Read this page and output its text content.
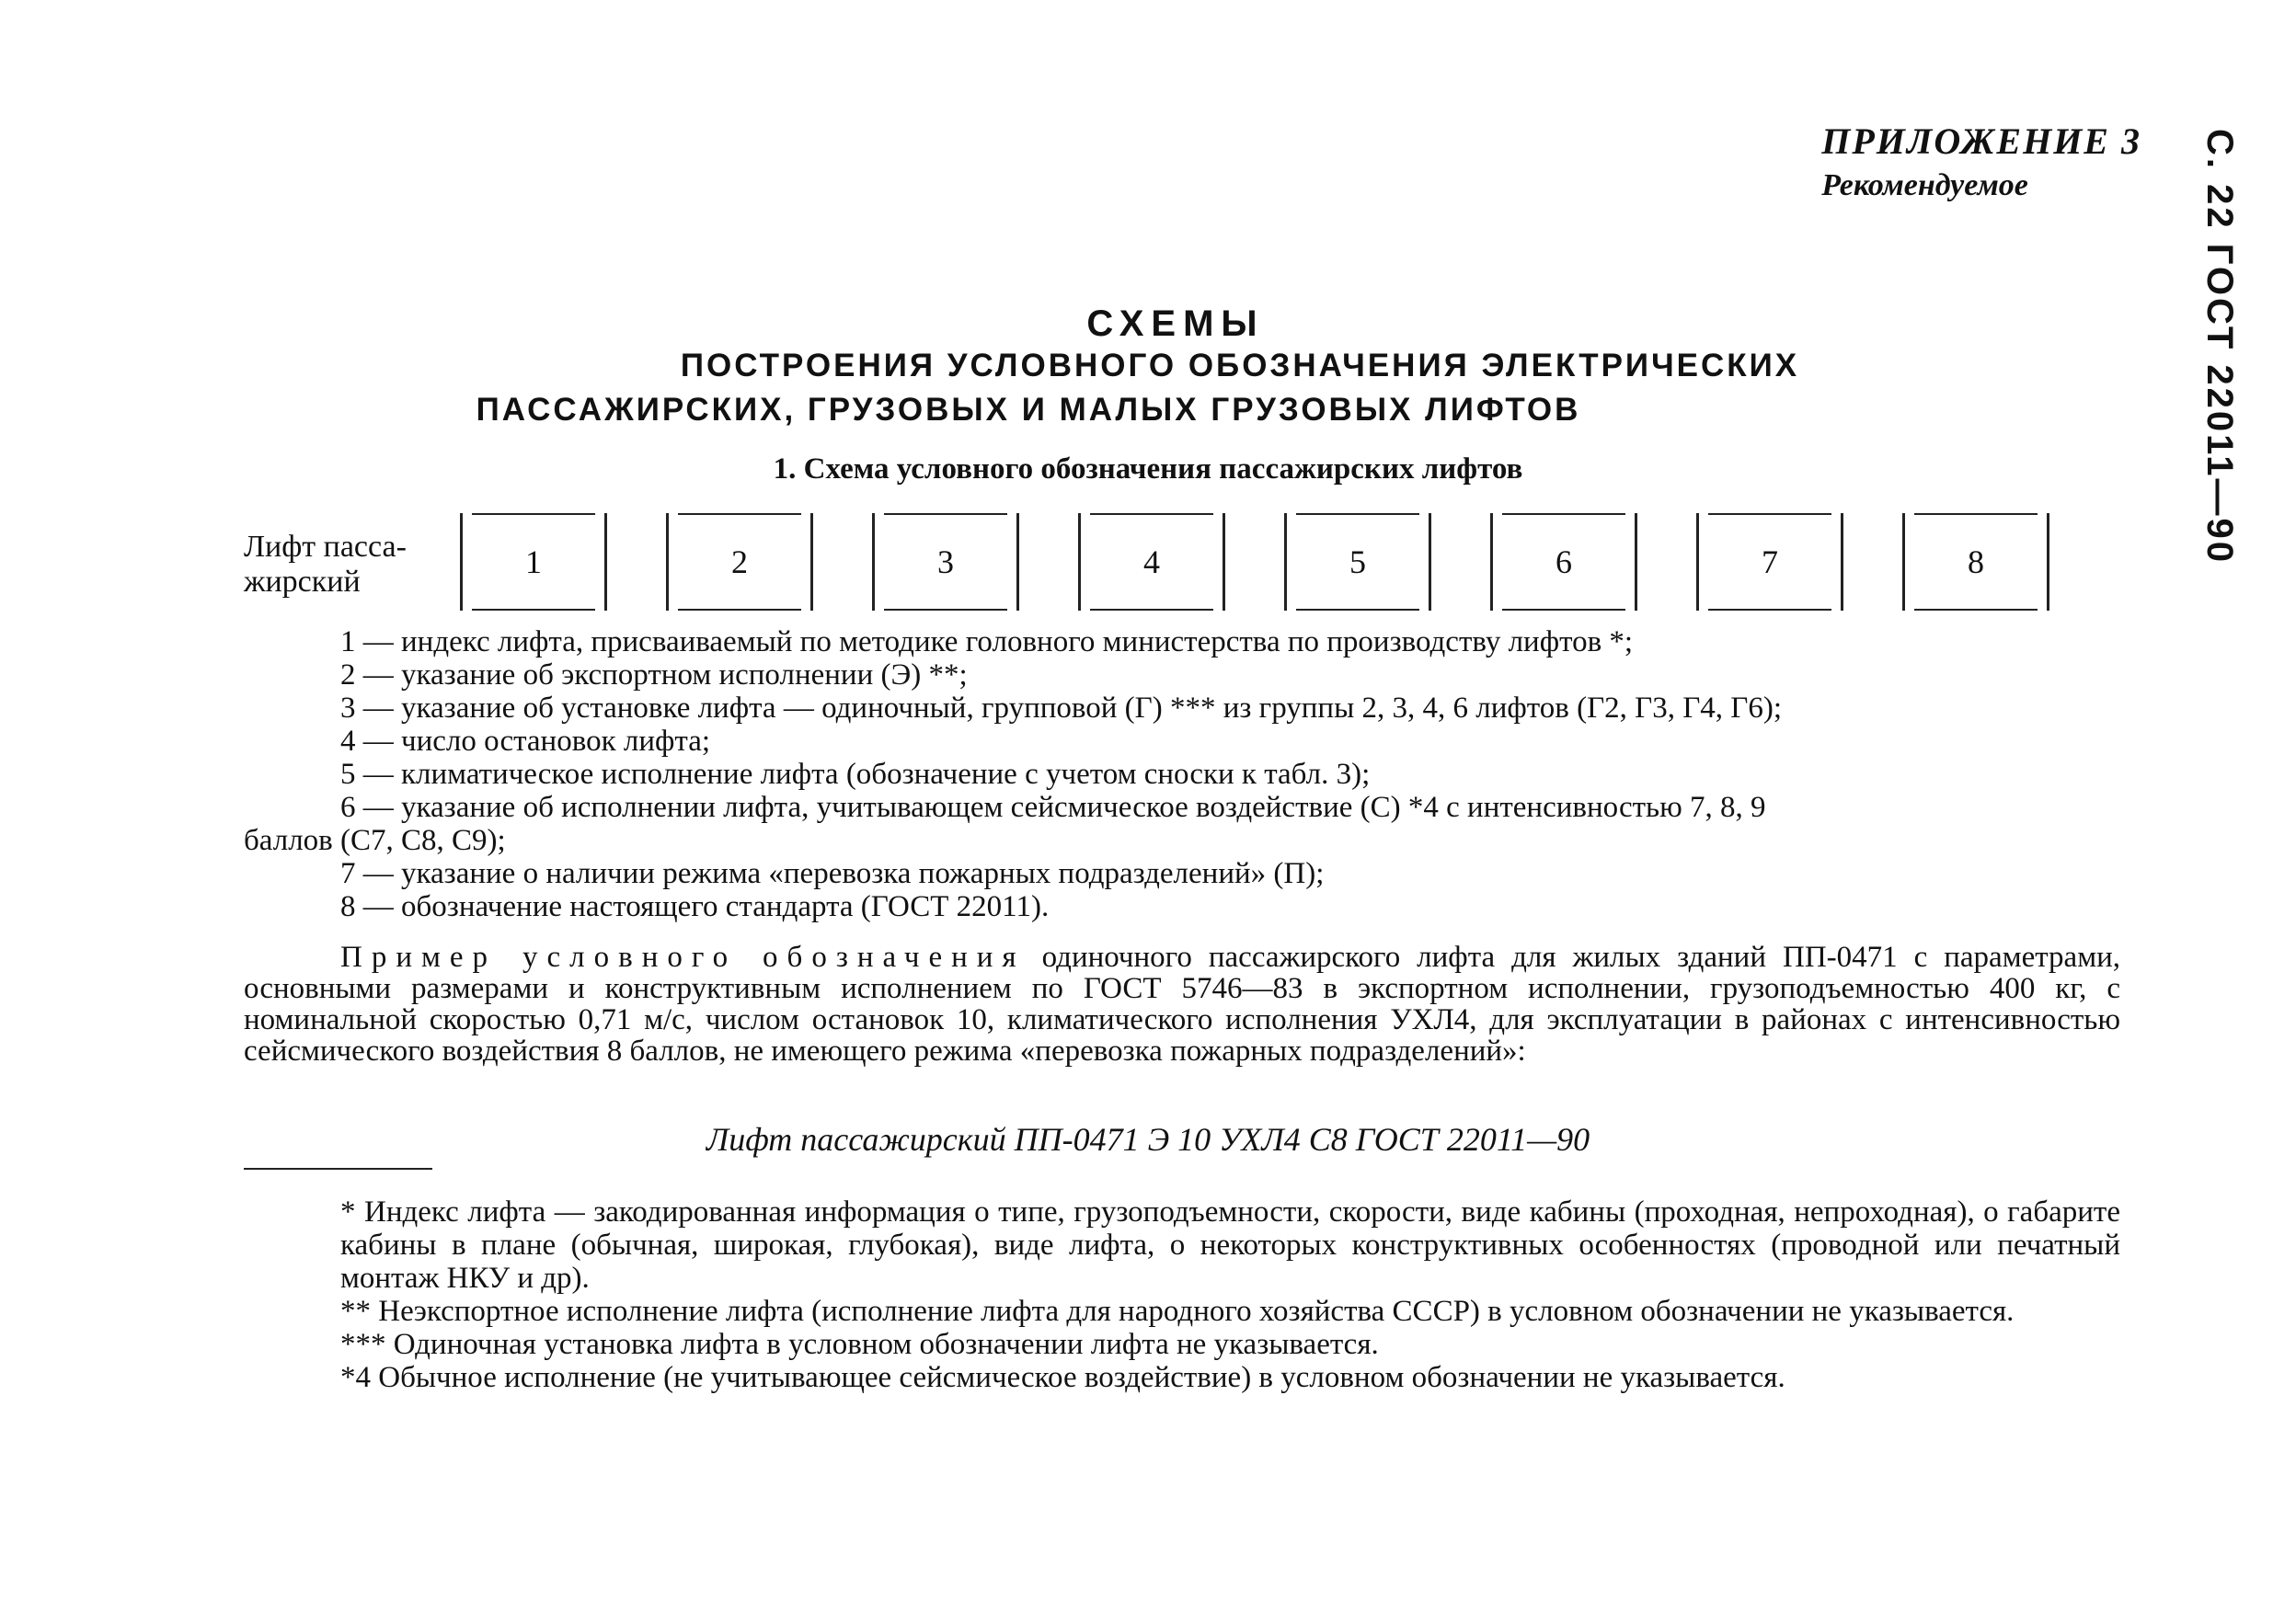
ПРИЛОЖЕНИЕ 3
Рекомендуемое	С. 22 ГОСТ 22011—90
СХЕМЫ
ПОСТРОЕНИЯ УСЛОВНОГО ОБОЗНАЧЕНИЯ ЭЛЕКТРИЧЕСКИХ
ПАССАЖИРСКИХ, ГРУЗОВЫХ И МАЛЫХ ГРУЗОВЫХ ЛИФТОВ
1. Схема условного обозначения пассажирских лифтов
Лифт пасса-
жирский
1	2	3	4	5	6	7	8
1 — индекс лифта, присваиваемый по методике головного министерства по производству лифтов *;
2 — указание об экспортном исполнении (Э) **;
3 — указание об установке лифта — одиночный, групповой (Г) *** из группы 2, 3, 4, 6 лифтов (Г2, Г3, Г4, Г6);
4 — число остановок лифта;
5 — климатическое исполнение лифта (обозначение с учетом сноски к табл. 3);
6 — указание об исполнении лифта, учитывающем сейсмическое воздействие (С) *4 с интенсивностью 7, 8, 9
баллов (С7, С8, С9);
7 — указание о наличии режима «перевозка пожарных подразделений» (П);
8 — обозначение настоящего стандарта (ГОСТ 22011).
Пример условного обозначения одиночного пассажирского лифта для жилых зданий ПП-0471 с параметрами, основными размерами и конструктивным исполнением по ГОСТ 5746—83 в экспортном исполнении, грузоподъемностью 400 кг, с номинальной скоростью 0,71 м/с, числом остановок 10, климатического исполнения УХЛ4, для эксплуатации в районах с интенсивностью сейсмического воздействия 8 баллов, не имеющего режима «перевозка пожарных подразделений»:
Лифт пассажирский ПП-0471 Э 10 УХЛ4 С8 ГОСТ 22011—90
* Индекс лифта — закодированная информация о типе, грузоподъемности, скорости, виде кабины (проходная, непроходная), о габарите кабины в плане (обычная, широкая, глубокая), виде лифта, о некоторых конструктивных особенностях (проводной или печатный монтаж НКУ и др).
** Неэкспортное исполнение лифта (исполнение лифта для народного хозяйства СССР) в условном обозначении не указывается.
*** Одиночная установка лифта в условном обозначении лифта не указывается.
*4 Обычное исполнение (не учитывающее сейсмическое воздействие) в условном обозначении не указывается.
